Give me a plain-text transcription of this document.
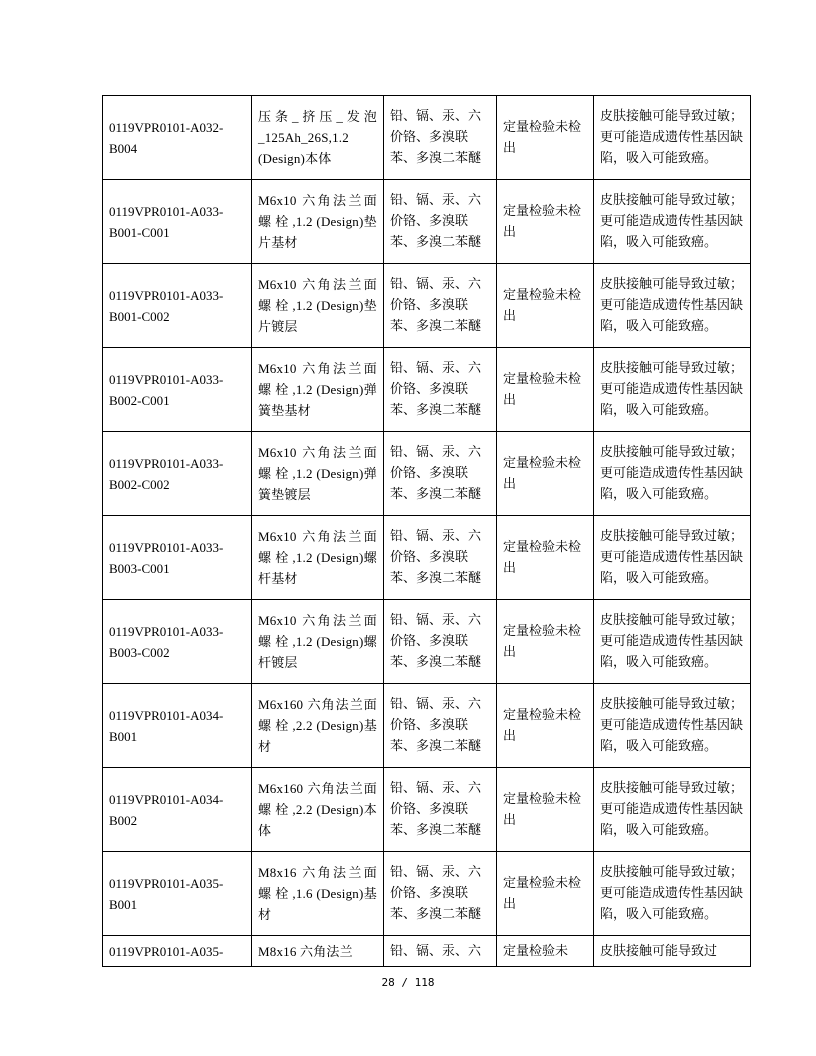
0119VPR0101-A032-B004	压条_挤压_发泡_125Ah_26S,1.2 (Design)本体	铅、镉、汞、六价铬、多溴联苯、多溴二苯醚	定量检验未检出	皮肤接触可能导致过敏；更可能造成遗传性基因缺陷，吸入可能致癌。
0119VPR0101-A033-B001-C001	M6x10 六角法兰面 螺 栓 ,1.2 (Design)垫片基材	铅、镉、汞、六价铬、多溴联苯、多溴二苯醚	定量检验未检出	皮肤接触可能导致过敏；更可能造成遗传性基因缺陷，吸入可能致癌。
0119VPR0101-A033-B001-C002	M6x10 六角法兰面 螺 栓 ,1.2 (Design)垫片镀层	铅、镉、汞、六价铬、多溴联苯、多溴二苯醚	定量检验未检出	皮肤接触可能导致过敏；更可能造成遗传性基因缺陷，吸入可能致癌。
0119VPR0101-A033-B002-C001	M6x10 六角法兰面 螺 栓 ,1.2 (Design)弹簧垫基材	铅、镉、汞、六价铬、多溴联苯、多溴二苯醚	定量检验未检出	皮肤接触可能导致过敏；更可能造成遗传性基因缺陷，吸入可能致癌。
0119VPR0101-A033-B002-C002	M6x10 六角法兰面 螺 栓 ,1.2 (Design)弹簧垫镀层	铅、镉、汞、六价铬、多溴联苯、多溴二苯醚	定量检验未检出	皮肤接触可能导致过敏；更可能造成遗传性基因缺陷，吸入可能致癌。
0119VPR0101-A033-B003-C001	M6x10 六角法兰面 螺 栓 ,1.2 (Design)螺杆基材	铅、镉、汞、六价铬、多溴联苯、多溴二苯醚	定量检验未检出	皮肤接触可能导致过敏；更可能造成遗传性基因缺陷，吸入可能致癌。
0119VPR0101-A033-B003-C002	M6x10 六角法兰面 螺 栓 ,1.2 (Design)螺杆镀层	铅、镉、汞、六价铬、多溴联苯、多溴二苯醚	定量检验未检出	皮肤接触可能导致过敏；更可能造成遗传性基因缺陷，吸入可能致癌。
0119VPR0101-A034-B001	M6x160 六角法兰面 螺 栓 ,2.2 (Design)基材	铅、镉、汞、六价铬、多溴联苯、多溴二苯醚	定量检验未检出	皮肤接触可能导致过敏；更可能造成遗传性基因缺陷，吸入可能致癌。
0119VPR0101-A034-B002	M6x160 六角法兰面 螺 栓 ,2.2 (Design)本体	铅、镉、汞、六价铬、多溴联苯、多溴二苯醚	定量检验未检出	皮肤接触可能导致过敏；更可能造成遗传性基因缺陷，吸入可能致癌。
0119VPR0101-A035-B001	M8x16 六角法兰面 螺 栓 ,1.6 (Design)基材	铅、镉、汞、六价铬、多溴联苯、多溴二苯醚	定量检验未检出	皮肤接触可能导致过敏；更可能造成遗传性基因缺陷，吸入可能致癌。
0119VPR0101-A035-	M8x16 六角法兰	铅、镉、汞、六	定量检验未	皮肤接触可能导致过
28 / 118
